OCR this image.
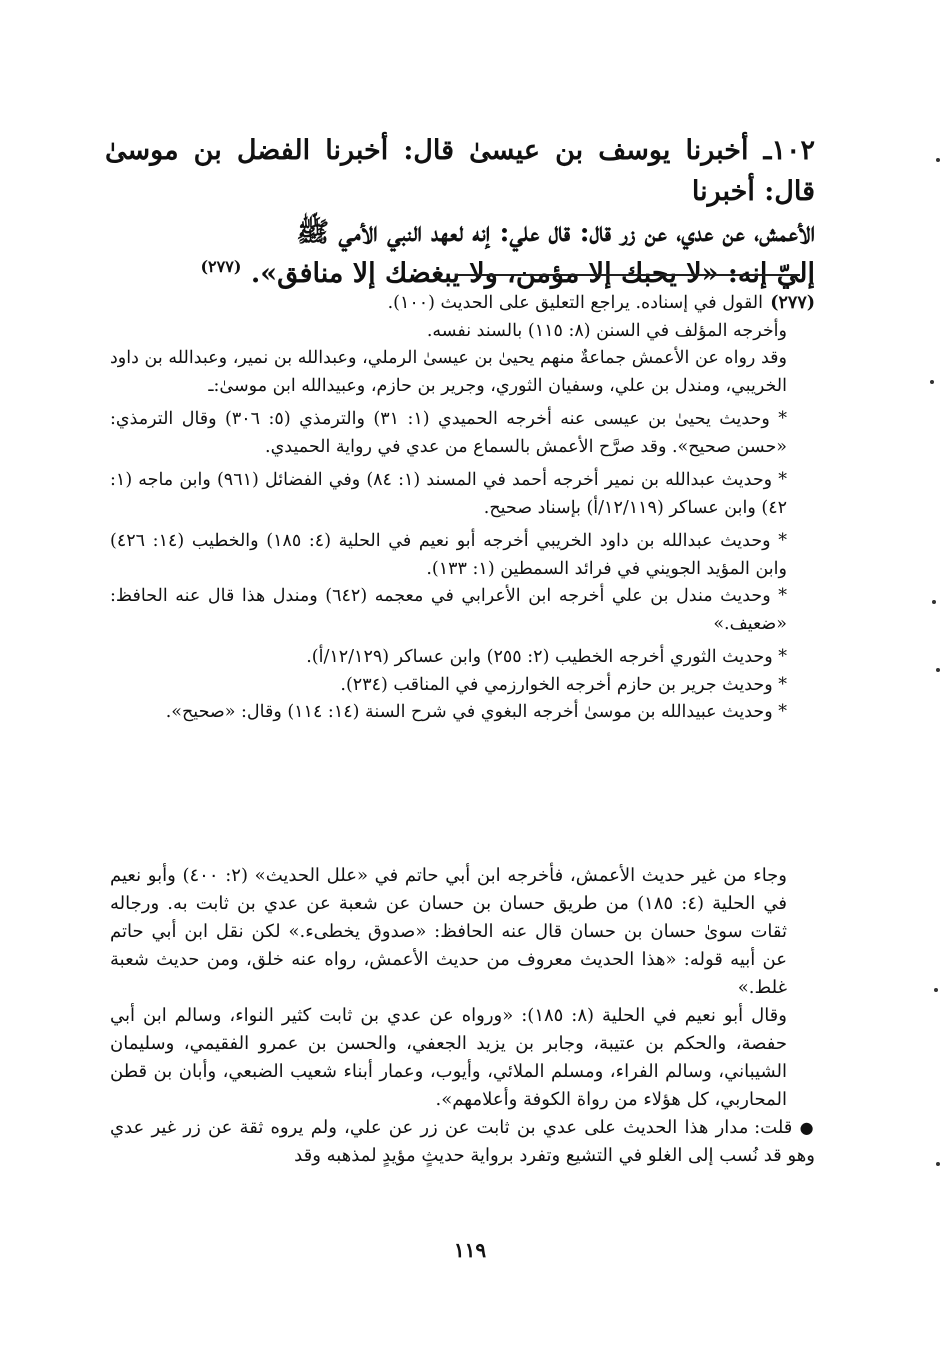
١٠٢ـ أخبرنا يوسف بن عيسىٰ قال: أخبرنا الفضل بن موسىٰ قال: أخبرنا

الأعمش، عن عدي، عن زر قال: قال علي: إنه لعهد النبي الأمي ﷺ

إليّ إنه: «لا يحبك إلا مؤمن، ولا يبغضك إلا منافق». $^{(٢٧٧)}$

(٢٧٧)القول في إسناده. يراجع التعليق على الحديث (١٠٠).

وأخرجه المؤلف في السنن (٨: ١١٥) بالسند نفسه.

وقد رواه عن الأعمش جماعةٌ منهم يحيىٰ بن عيسىٰ الرملي، وعبدالله بن نمير، وعبدالله بن داود الخريبي، ومندل بن علي، وسفيان الثوري، وجرير بن حازم، وعبيدالله ابن موسىٰ:ـ

* وحديث يحيىٰ بن عيسى عنه أخرجه الحميدي (١: ٣١) والترمذي (٥: ٣٠٦) وقال الترمذي: «حسن صحيح». وقد صرَّح الأعمش بالسماع من عدي في رواية الحميدي.

* وحديث عبدالله بن نمير أخرجه أحمد في المسند (١: ٨٤) وفي الفضائل (٩٦١) وابن ماجه (١: ٤٢) وابن عساكر (١٢/١١٩/أ) بإسناد صحيح.

* وحديث عبدالله بن داود الخريبي أخرجه أبو نعيم في الحلية (٤: ١٨٥) والخطيب (١٤: ٤٢٦) وابن المؤيد الجويني في فرائد السمطين (١: ١٣٣).

* وحديث مندل بن علي أخرجه ابن الأعرابي في معجمه (٦٤٢) ومندل هذا قال عنه الحافظ: «ضعيف.»

* وحديث الثوري أخرجه الخطيب (٢: ٢٥٥) وابن عساكر (١٢/١٢٩/أ).

* وحديث جرير بن حازم أخرجه الخوارزمي في المناقب (٢٣٤).

* وحديث عبيدالله بن موسىٰ أخرجه البغوي في شرح السنة (١٤: ١١٤) وقال: «صحيح».

وجاء من غير حديث الأعمش، فأخرجه ابن أبي حاتم في «علل الحديث» (٢: ٤٠٠) وأبو نعيم في الحلية (٤: ١٨٥) من طريق حسان بن حسان عن شعبة عن عدي بن ثابت به. ورجاله ثقات سوىٰ حسان بن حسان قال عنه الحافظ: «صدوق يخطىء.» لكن نقل ابن أبي حاتم عن أبيه قوله: «هذا الحديث معروف من حديث الأعمش، رواه عنه خلق، ومن حديث شعبة غلط.»

وقال أبو نعيم في الحلية (٨: ١٨٥): «ورواه عن عدي بن ثابت كثير النواء، وسالم ابن أبي حفصة، والحكم بن عتيبة، وجابر بن يزيد الجعفي، والحسن بن عمرو الفقيمي، وسليمان الشيباني، وسالم الفراء، ومسلم الملائي، وأيوب، وعمار أبناء شعيب الضبعي، وأبان بن قطن المحاربي، كل هؤلاء من رواة الكوفة وأعلامهم».

● قلت: مدار هذا الحديث على عدي بن ثابت عن زر عن علي، ولم يروه ثقة عن زر غير عدي وهو قد نُسب إلى الغلو في التشيع وتفرد برواية حديثٍ مؤيدٍ لمذهبه وقد

١١٩
